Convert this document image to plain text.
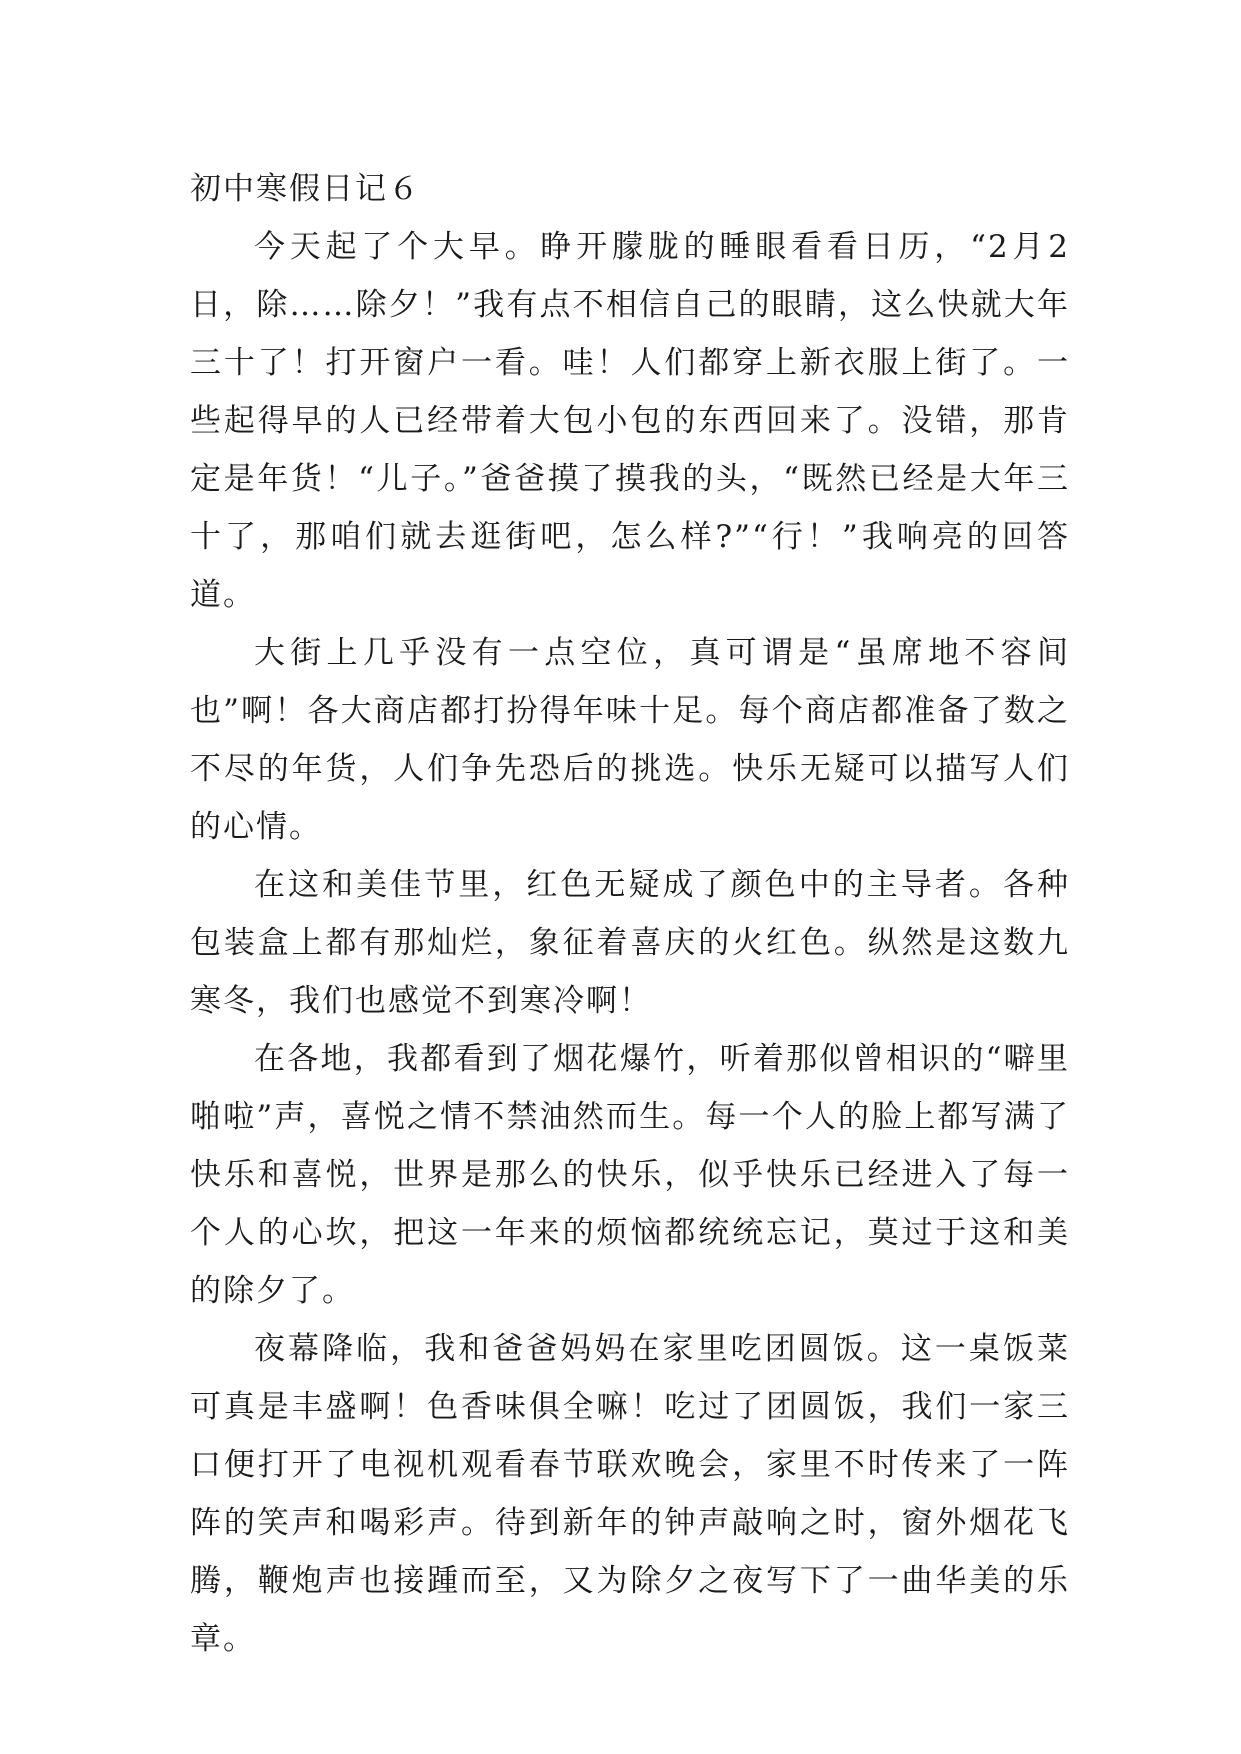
初中寒假日记６

今天起了个大早。睁开朦胧的睡眼看看日历，“2月2日，除……除夕！”我有点不相信自己的眼睛，这么快就大年三十了！打开窗户一看。哇！人们都穿上新衣服上街了。一些起得早的人已经带着大包小包的东西回来了。没错，那肯定是年货！“儿子。”爸爸摸了摸我的头，“既然已经是大年三十了，那咱们就去逛街吧，怎么样?”“行！”我响亮的回答道。

大街上几乎没有一点空位，真可谓是“虽席地不容间也”啊！各大商店都打扮得年味十足。每个商店都准备了数之不尽的年货，人们争先恐后的挑选。快乐无疑可以描写人们的心情。

在这和美佳节里，红色无疑成了颜色中的主导者。各种包装盒上都有那灿烂，象征着喜庆的火红色。纵然是这数九寒冬，我们也感觉不到寒冷啊！

在各地，我都看到了烟花爆竹，听着那似曾相识的“噼里啪啦”声，喜悦之情不禁油然而生。每一个人的脸上都写满了快乐和喜悦，世界是那么的快乐，似乎快乐已经进入了每一个人的心坎，把这一年来的烦恼都统统忘记，莫过于这和美的除夕了。

夜幕降临，我和爸爸妈妈在家里吃团圆饭。这一桌饭菜可真是丰盛啊！色香味俱全嘛！吃过了团圆饭，我们一家三口便打开了电视机观看春节联欢晚会，家里不时传来了一阵阵的笑声和喝彩声。待到新年的钟声敲响之时，窗外烟花飞腾，鞭炮声也接踵而至，又为除夕之夜写下了一曲华美的乐章。
